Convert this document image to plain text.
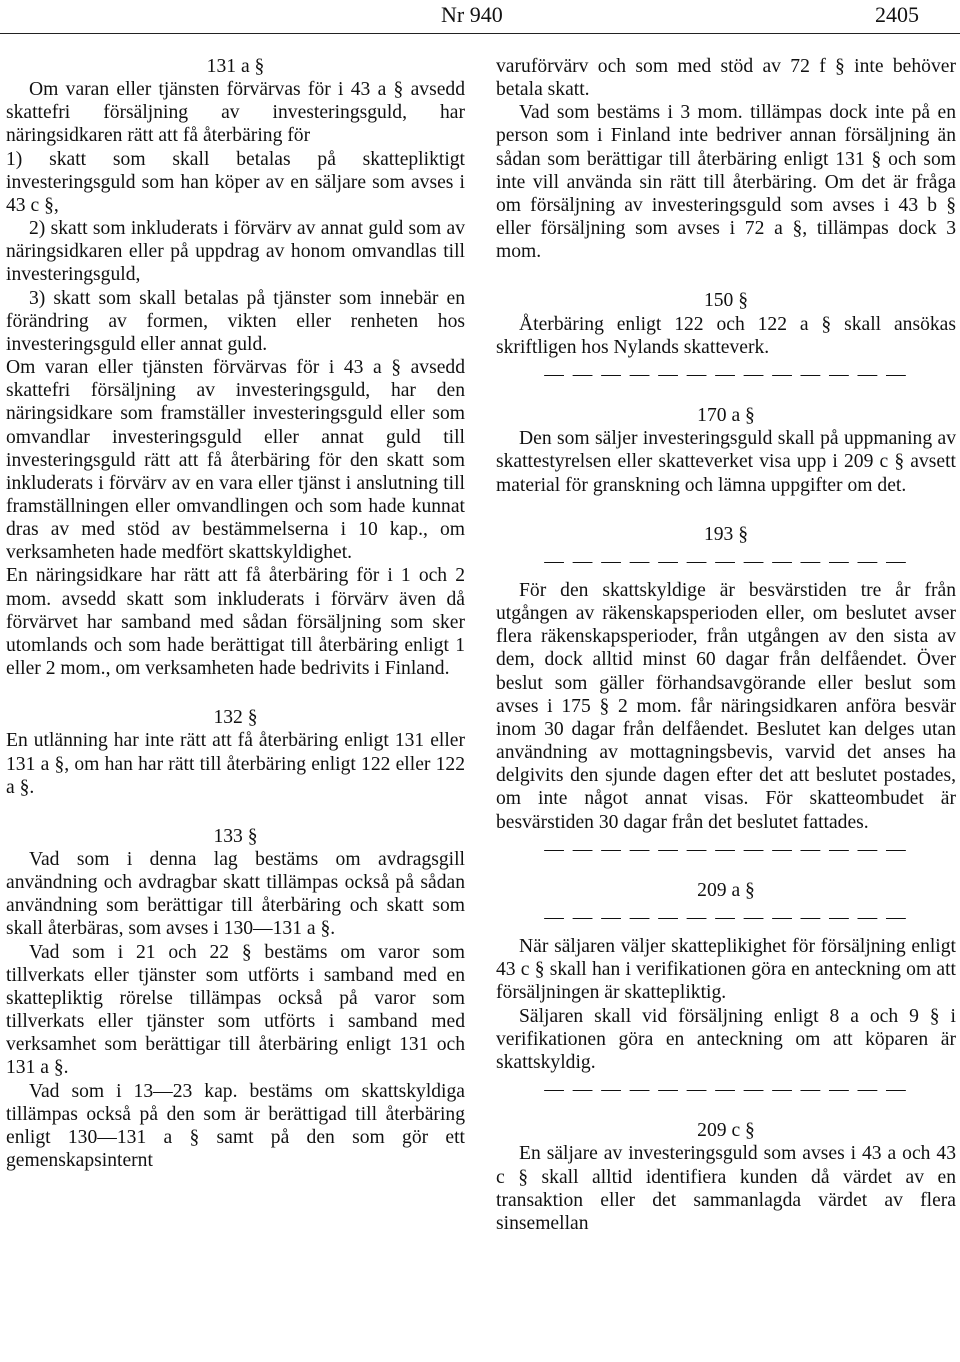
Nr 940	2405
131 a §

Om varan eller tjänsten förvärvas för i 43 a § avsedd skattefri försäljning av investeringsguld, har näringsidkaren rätt att få återbäring för

1) skatt som skall betalas på skattepliktigt investeringsguld som han köper av en säljare som avses i 43 c §,

2) skatt som inkluderats i förvärv av annat guld som av näringsidkaren eller på uppdrag av honom omvandlas till investeringsguld,

3) skatt som skall betalas på tjänster som innebär en förändring av formen, vikten eller renheten hos investeringsguld eller annat guld.

Om varan eller tjänsten förvärvas för i 43 a § avsedd skattefri försäljning av investeringsguld, har den näringsidkare som framställer investeringsguld eller som omvandlar investeringsguld eller annat guld till investeringsguld rätt att få återbäring för den skatt som inkluderats i förvärv av en vara eller tjänst i anslutning till framställningen eller omvandlingen och som hade kunnat dras av med stöd av bestämmelserna i 10 kap., om verksamheten hade medfört skattskyldighet.

En näringsidkare har rätt att få återbäring för i 1 och 2 mom. avsedd skatt som inkluderats i förvärv även då förvärvet har samband med sådan försäljning som sker utomlands och som hade berättigat till återbäring enligt 1 eller 2 mom., om verksamheten hade bedrivits i Finland.

132 §

En utlänning har inte rätt att få återbäring enligt 131 eller 131 a §, om han har rätt till återbäring enligt 122 eller 122 a §.

133 §

Vad som i denna lag bestäms om avdragsgill användning och avdragbar skatt tillämpas också på sådan användning som berättigar till återbäring och skatt som skall återbäras, som avses i 130—131 a §.

Vad som i 21 och 22 § bestäms om varor som tillverkats eller tjänster som utförts i samband med en skattepliktig rörelse tillämpas också på varor som tillverkats eller tjänster som utförts i samband med verksamhet som berättigar till återbäring enligt 131 och 131 a §.

Vad som i 13—23 kap. bestäms om skattskyldiga tillämpas också på den som är berättigad till återbäring enligt 130—131 a § samt på den som gör ett gemenskapsinternt

varuförvärv och som med stöd av 72 f § inte behöver betala skatt.

Vad som bestäms i 3 mom. tillämpas dock inte på en person som i Finland inte bedriver annan försäljning än sådan som berättigar till återbäring enligt 131 § och som inte vill använda sin rätt till återbäring. Om det är fråga om försäljning av investeringsguld som avses i 43 b § eller försäljning som avses i 72 a §, tillämpas dock 3 mom.

150 §

Återbäring enligt 122 och 122 a § skall ansökas skriftligen hos Nylands skatteverk.

— — — — — — — — — — — — —
170 a §

Den som säljer investeringsguld skall på uppmaning av skattestyrelsen eller skatteverket visa upp i 209 c § avsett material för granskning och lämna uppgifter om det.

193 §
— — — — — — — — — — — — —

För den skattskyldige är besvärstiden tre år från utgången av räkenskapsperioden eller, om beslutet avser flera räkenskapsperioder, från utgången av den sista av dem, dock alltid minst 60 dagar från delfåendet. Över beslut som gäller förhandsavgörande eller beslut som avses i 175 § 2 mom. får näringsidkaren anföra besvär inom 30 dagar från delfåendet. Beslutet kan delges utan användning av mottagningsbevis, varvid det anses ha delgivits den sjunde dagen efter det att beslutet postades, om inte något annat visas. För skatteombudet är besvärstiden 30 dagar från det beslutet fattades.

— — — — — — — — — — — — —
209 a §
— — — — — — — — — — — — —

När säljaren väljer skatteplikighet för försäljning enligt 43 c § skall han i verifikationen göra en anteckning om att försäljningen är skattepliktig.

Säljaren skall vid försäljning enligt 8 a och 9 § i verifikationen göra en anteckning om att köparen är skattskyldig.

— — — — — — — — — — — — —
209 c §

En säljare av investeringsguld som avses i 43 a och 43 c § skall alltid identifiera kunden då värdet av en transaktion eller det sammanlagda värdet av flera sinsemellan
